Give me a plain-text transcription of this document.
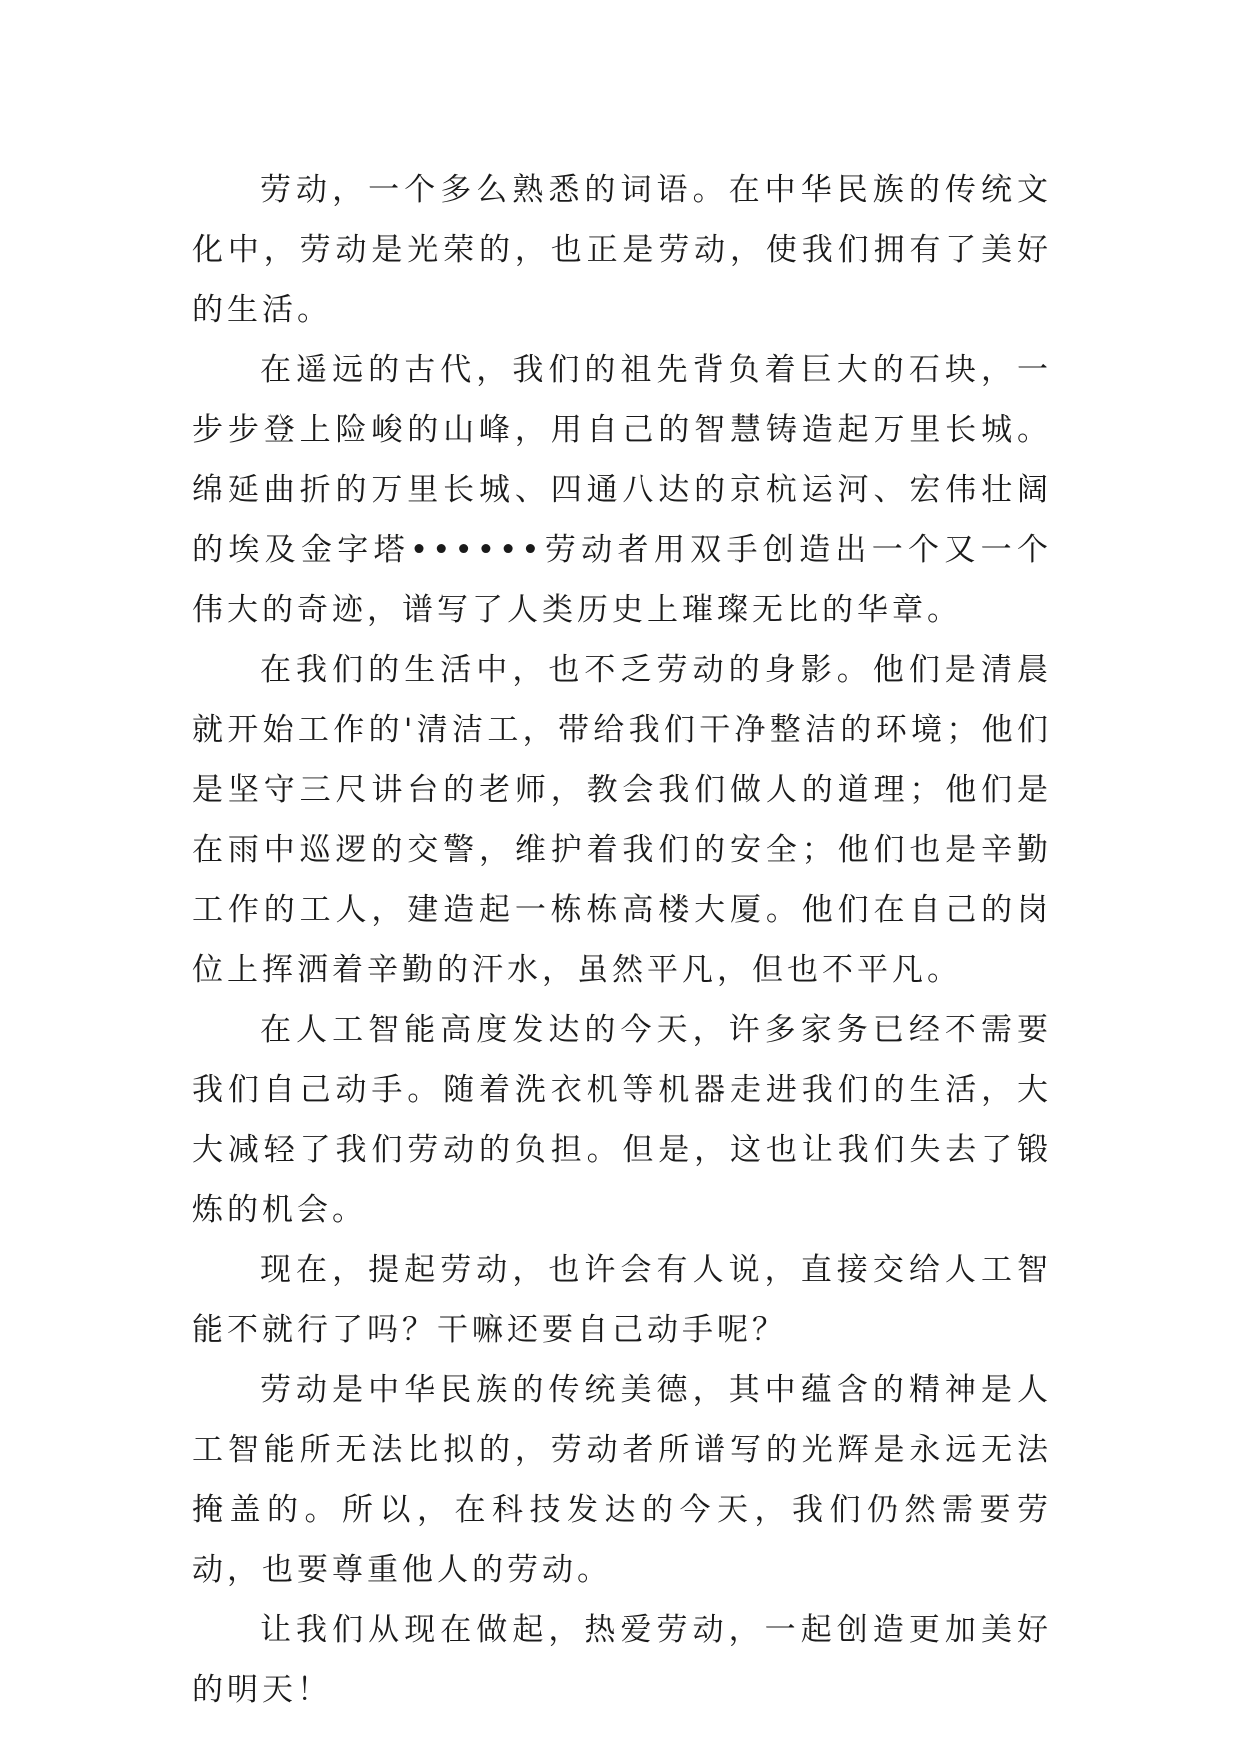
劳动，一个多么熟悉的词语。在中华民族的传统文化中，劳动是光荣的，也正是劳动，使我们拥有了美好的生活。

在遥远的古代，我们的祖先背负着巨大的石块，一步步登上险峻的山峰，用自己的智慧铸造起万里长城。绵延曲折的万里长城、四通八达的京杭运河、宏伟壮阔的埃及金字塔••••••劳动者用双手创造出一个又一个伟大的奇迹，谱写了人类历史上璀璨无比的华章。

在我们的生活中，也不乏劳动的身影。他们是清晨就开始工作的'清洁工，带给我们干净整洁的环境；他们是坚守三尺讲台的老师，教会我们做人的道理；他们是在雨中巡逻的交警，维护着我们的安全；他们也是辛勤工作的工人，建造起一栋栋高楼大厦。他们在自己的岗位上挥洒着辛勤的汗水，虽然平凡，但也不平凡。

在人工智能高度发达的今天，许多家务已经不需要我们自己动手。随着洗衣机等机器走进我们的生活，大大减轻了我们劳动的负担。但是，这也让我们失去了锻炼的机会。

现在，提起劳动，也许会有人说，直接交给人工智能不就行了吗？干嘛还要自己动手呢？

劳动是中华民族的传统美德，其中蕴含的精神是人工智能所无法比拟的，劳动者所谱写的光辉是永远无法掩盖的。所以，在科技发达的今天，我们仍然需要劳动，也要尊重他人的劳动。

让我们从现在做起，热爱劳动，一起创造更加美好的明天！
